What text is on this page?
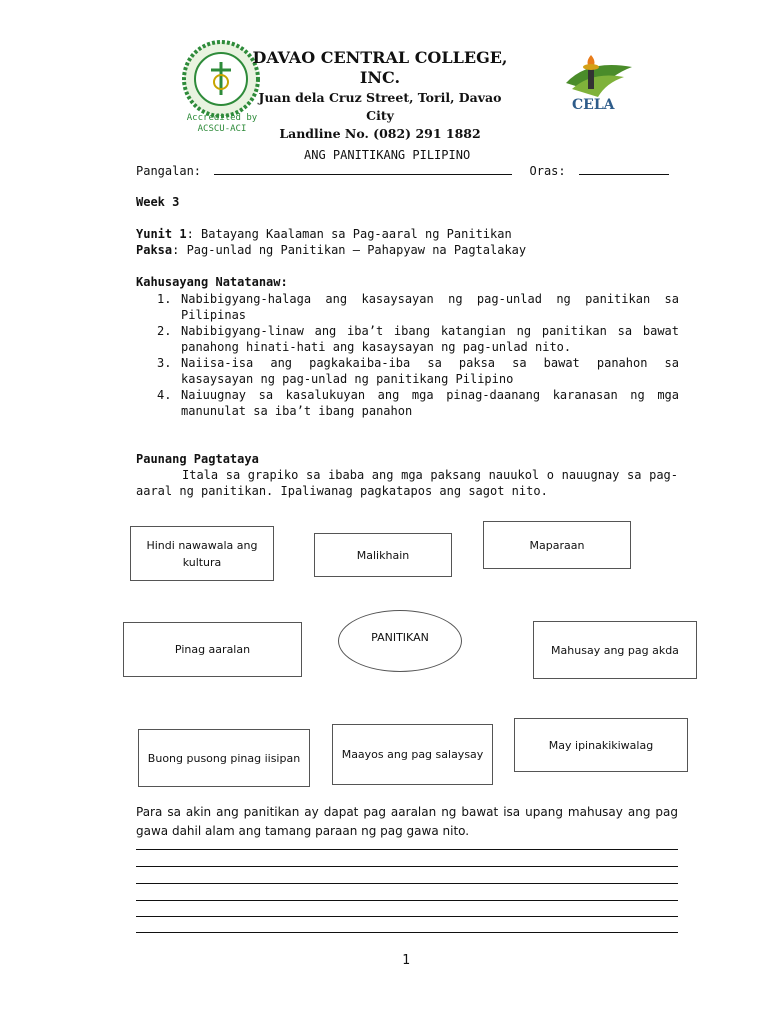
DAVAO CENTRAL COLLEGE,
INC.
Juan dela Cruz Street, Toril, Davao City
Landline No. (082) 291 1882
Accredited by
ACSCU-ACI
CELA
ANG PANITIKANG PILIPINO
Pangalan:	Oras:
Week 3
Yunit 1: Batayang Kaalaman sa Pag-aaral ng Panitikan
Paksa: Pag-unlad ng Panitikan – Pahapyaw na Pagtalakay
Kahusayang Natatanaw:
1. Nabibigyang-halaga ang kasaysayan ng pag-unlad ng panitikan sa Pilipinas
2. Nabibigyang-linaw ang iba’t ibang katangian ng panitikan sa bawat panahong hinati-hati ang kasaysayan ng pag-unlad nito.
3. Naiisa-isa ang pagkakaiba-iba sa paksa sa bawat panahon sa kasaysayan ng pag-unlad ng panitikang Pilipino
4. Naiuugnay sa kasalukuyan ang mga pinag-daanang karanasan ng mga manunulat sa iba’t ibang panahon
Paunang Pagtataya
Itala sa grapiko sa ibaba ang mga paksang nauukol o nauugnay sa pag-aaral ng panitikan. Ipaliwanag pagkatapos ang sagot nito.
Hindi nawawala ang kultura
Malikhain
Maparaan
Pinag aaralan
PANITIKAN
Mahusay ang pag akda
Buong pusong pinag iisipan	Maayos ang pag salaysay
May ipinakikiwalag
Para sa akin ang panitikan ay dapat pag aaralan ng bawat isa upang mahusay ang pag gawa dahil alam ang tamang paraan ng pag gawa nito.
1
